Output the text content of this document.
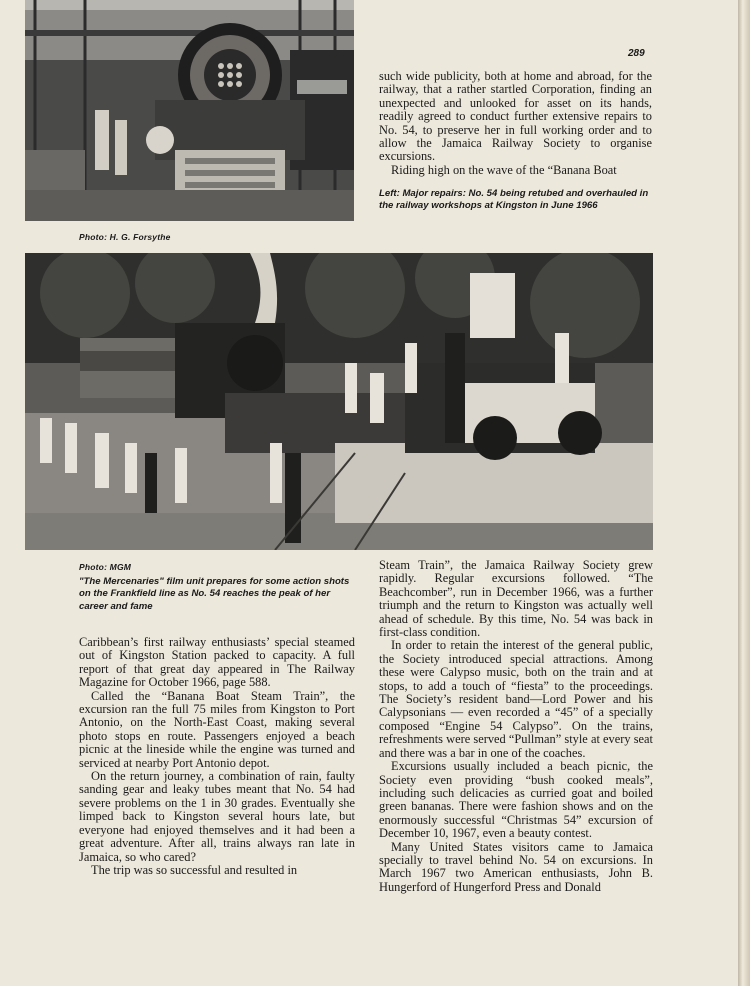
289

such wide publicity, both at home and abroad, for the railway, that a rather startled Corporation, finding an unexpected and unlooked for asset on its hands, readily agreed to conduct further extensive repairs to No. 54, to preserve her in full working order and to allow the Jamaica Railway Society to organise excursions.

Riding high on the wave of the “Banana Boat

Left: Major repairs: No. 54 being retubed and overhauled in the railway workshops at Kingston in June 1966
Photo: H. G. Forsythe
Photo: MGM
"The Mercenaries" film unit prepares for some action shots on the Frankfield line as No. 54 reaches the peak of her career and fame

Caribbean’s first railway enthusiasts’ special steamed out of Kingston Station packed to capacity. A full report of that great day appeared in The Railway Magazine for October 1966, page 588.

Called the “Banana Boat Steam Train”, the excursion ran the full 75 miles from Kingston to Port Antonio, on the North-East Coast, making several photo stops en route. Passengers enjoyed a beach picnic at the lineside while the engine was turned and serviced at nearby Port Antonio depot.

On the return journey, a combination of rain, faulty sanding gear and leaky tubes meant that No. 54 had severe problems on the 1 in 30 grades. Eventually she limped back to Kingston several hours late, but everyone had enjoyed themselves and it had been a great adventure. After all, trains always ran late in Jamaica, so who cared?

The trip was so successful and resulted in

Steam Train”, the Jamaica Railway Society grew rapidly. Regular excursions followed. “The Beachcomber”, run in December 1966, was a further triumph and the return to Kingston was actually well ahead of schedule. By this time, No. 54 was back in first-class condition.

In order to retain the interest of the general public, the Society introduced special attractions. Among these were Calypso music, both on the train and at stops, to add a touch of “fiesta” to the proceedings. The Society’s resident band—Lord Power and his Calypsonians — even recorded a “45” of a specially composed “Engine 54 Calypso”. On the trains, refreshments were served “Pullman” style at every seat and there was a bar in one of the coaches.

Excursions usually included a beach picnic, the Society even providing “bush cooked meals”, including such delicacies as curried goat and boiled green bananas. There were fashion shows and on the enormously successful “Christmas 54” excursion of December 10, 1967, even a beauty contest.

Many United States visitors came to Jamaica specially to travel behind No. 54 on excursions. In March 1967 two American enthusiasts, John B. Hungerford of Hungerford Press and Donald
